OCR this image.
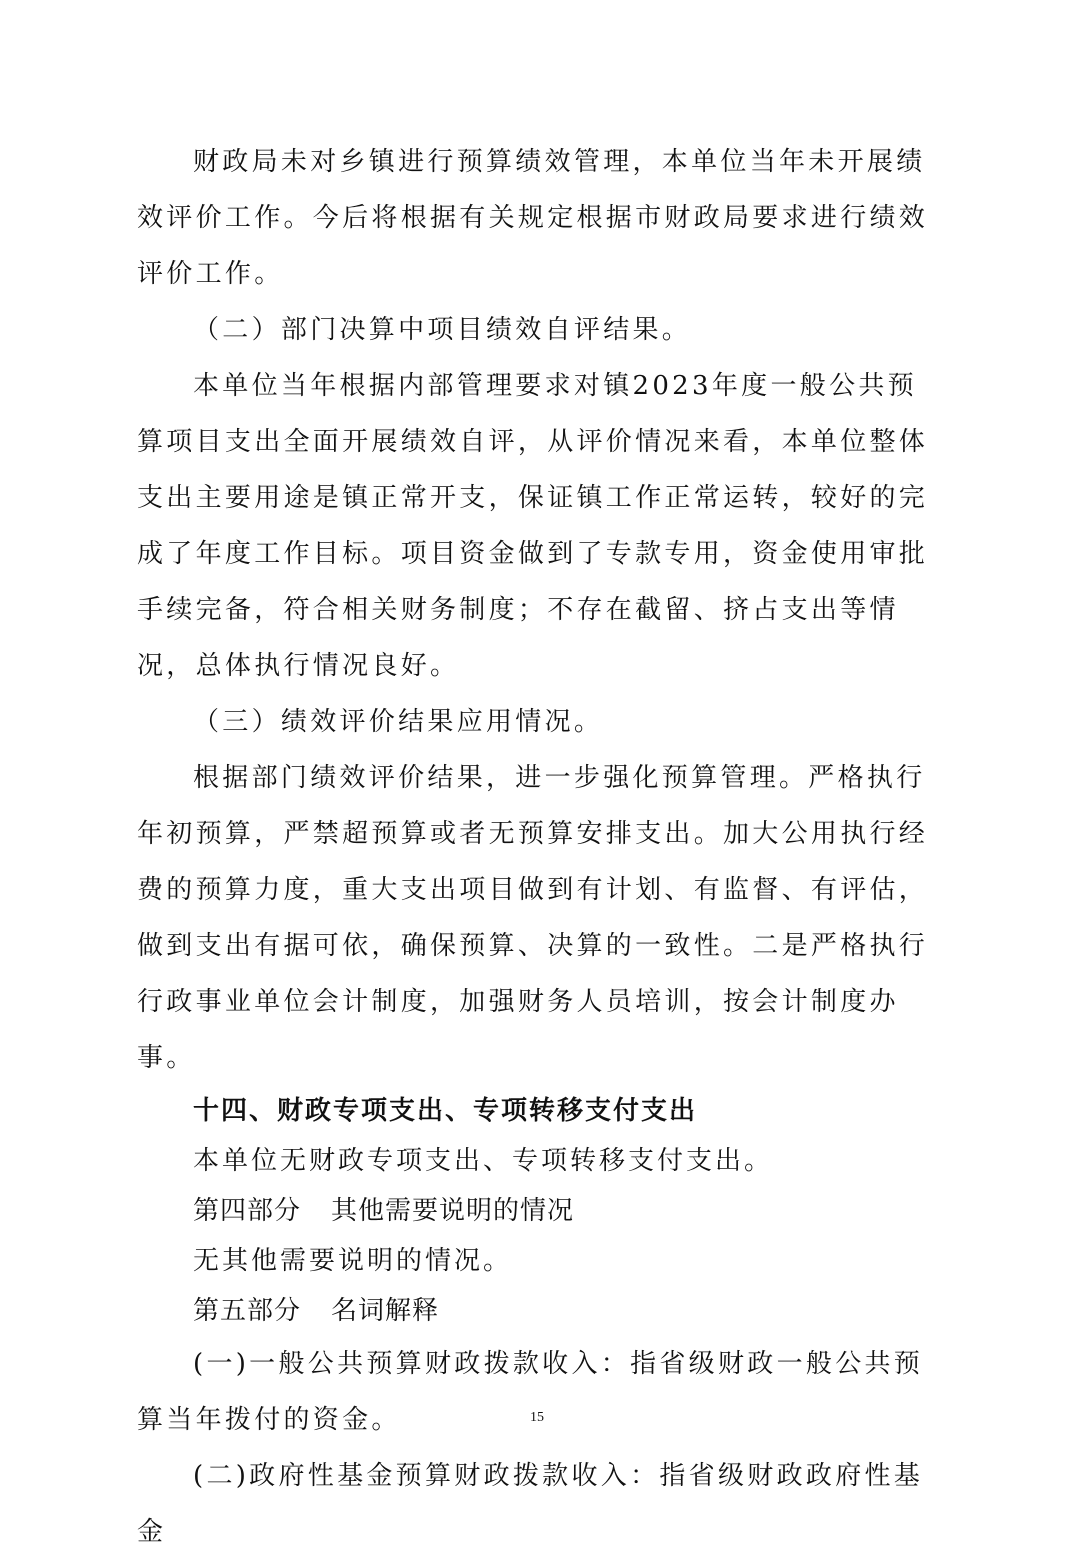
财政局未对乡镇进行预算绩效管理，本单位当年未开展绩效评价工作。今后将根据有关规定根据市财政局要求进行绩效评价工作。

（二）部门决算中项目绩效自评结果。

本单位当年根据内部管理要求对镇2023年度一般公共预算项目支出全面开展绩效自评，从评价情况来看，本单位整体支出主要用途是镇正常开支，保证镇工作正常运转，较好的完成了年度工作目标。项目资金做到了专款专用，资金使用审批手续完备，符合相关财务制度；不存在截留、挤占支出等情况，总体执行情况良好。

（三）绩效评价结果应用情况。

根据部门绩效评价结果，进一步强化预算管理。严格执行年初预算，严禁超预算或者无预算安排支出。加大公用执行经费的预算力度，重大支出项目做到有计划、有监督、有评估，做到支出有据可依，确保预算、决算的一致性。二是严格执行行政事业单位会计制度，加强财务人员培训，按会计制度办事。

十四、财政专项支出、专项转移支付支出

本单位无财政专项支出、专项转移支付支出。

第四部分 其他需要说明的情况

无其他需要说明的情况。

第五部分 名词解释

(一)一般公共预算财政拨款收入：指省级财政一般公共预算当年拨付的资金。

(二)政府性基金预算财政拨款收入：指省级财政政府性基金

15
